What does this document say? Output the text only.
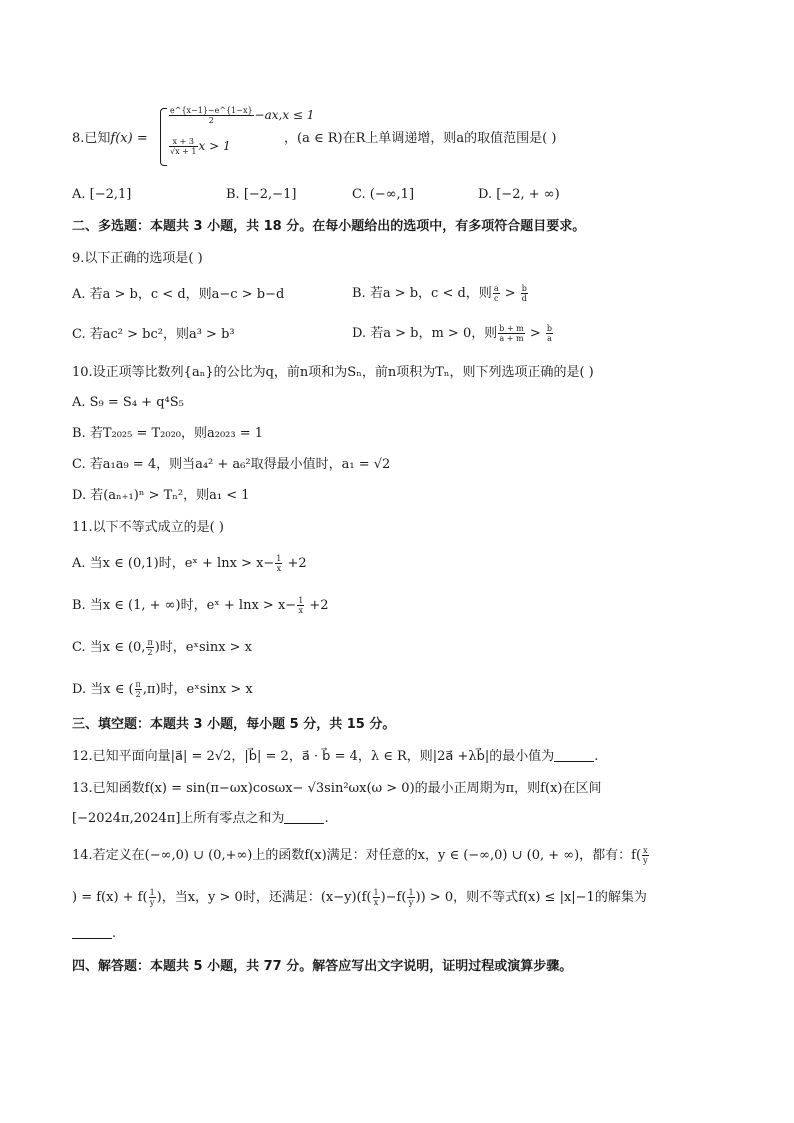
8.已知f(x) =
$\frac{e\^{}\{x-1\}-e\^{}\{1-x\}}{2} -ax,x \le 1$
$\frac{x + 3}{√x + 1}$ x > 1	，(a ∈ R)在R上单调递增，则a的取值范围是( )
A. [−2,1]	B. [−2,−1]	C. (−∞,1]	D. [−2, + ∞)
二、多选题：本题共 3 小题，共 18 分。在每小题给出的选项中，有多项符合题目要求。
9.以下正确的选项是( )
A. 若a > b，c < d，则a−c > b−d	B. 若a > b，c < d，则 $\frac{a}{c} > \frac{b}{d}$
C. 若ac² > bc²，则a³ > b³	D. 若a > b，m > 0，则 $\frac{b + m}{a + m} > \frac{b}{a}$
10.设正项等比数列{aₙ}的公比为q，前n项和为Sₙ，前n项积为Tₙ，则下列选项正确的是( )
A. S₉ = S₄ + q⁴S₅
B. 若T₂₀₂₅ = T₂₀₂₀，则a₂₀₂₃ = 1
C. 若a₁a₉ = 4，则当a₄² + a₆²取得最小值时，a₁ = √2
D. 若(aₙ₊₁)ⁿ > Tₙ²，则a₁ < 1
11.以下不等式成立的是( )
A. 当x ∈ (0,1)时，eˣ + $\ln x > x- \frac{1}{x} +2$
B. 当x ∈ (1, + ∞)时，eˣ + $\ln x > x- \frac{1}{x} +2$
C. 当x ∈ (0, $\frac{\pi}{2}$ )时，eˣsinx > x
D. 当x ∈ ( $\frac{\pi}{2} ,\pi$)时，eˣsinx > x
三、填空题：本题共 3 小题，每小题 5 分，共 15 分。
12.已知平面向量|a⃗| = 2√2，|b⃗| = 2，a⃗ · b⃗ = 4，λ ∈ R，则|2a⃗ +λb⃗|的最小值为	.
13.已知函数f(x) = sin(π−ωx)cosωx− √3sin²ωx(ω > 0)的最小正周期为π，则f(x)在区间
[−2024π,2024π]上所有零点之和为	.
14.若定义在(−∞,0) ∪ (0,+∞)上的函数f(x)满足：对任意的x，y ∈ (−∞,0) ∪ (0, + ∞)，都有：$f( \frac{x}{y}$
) = $f(x) + f( \frac{1}{y}$ )，当x，y > 0时，还满足：$(x-y)(f( \frac{1}{x} )-f( \frac{1}{y}$ )) > 0，则不等式f(x) ≤ |x|−1的解集为
.
四、解答题：本题共 5 小题，共 77 分。解答应写出文字说明，证明过程或演算步骤。
